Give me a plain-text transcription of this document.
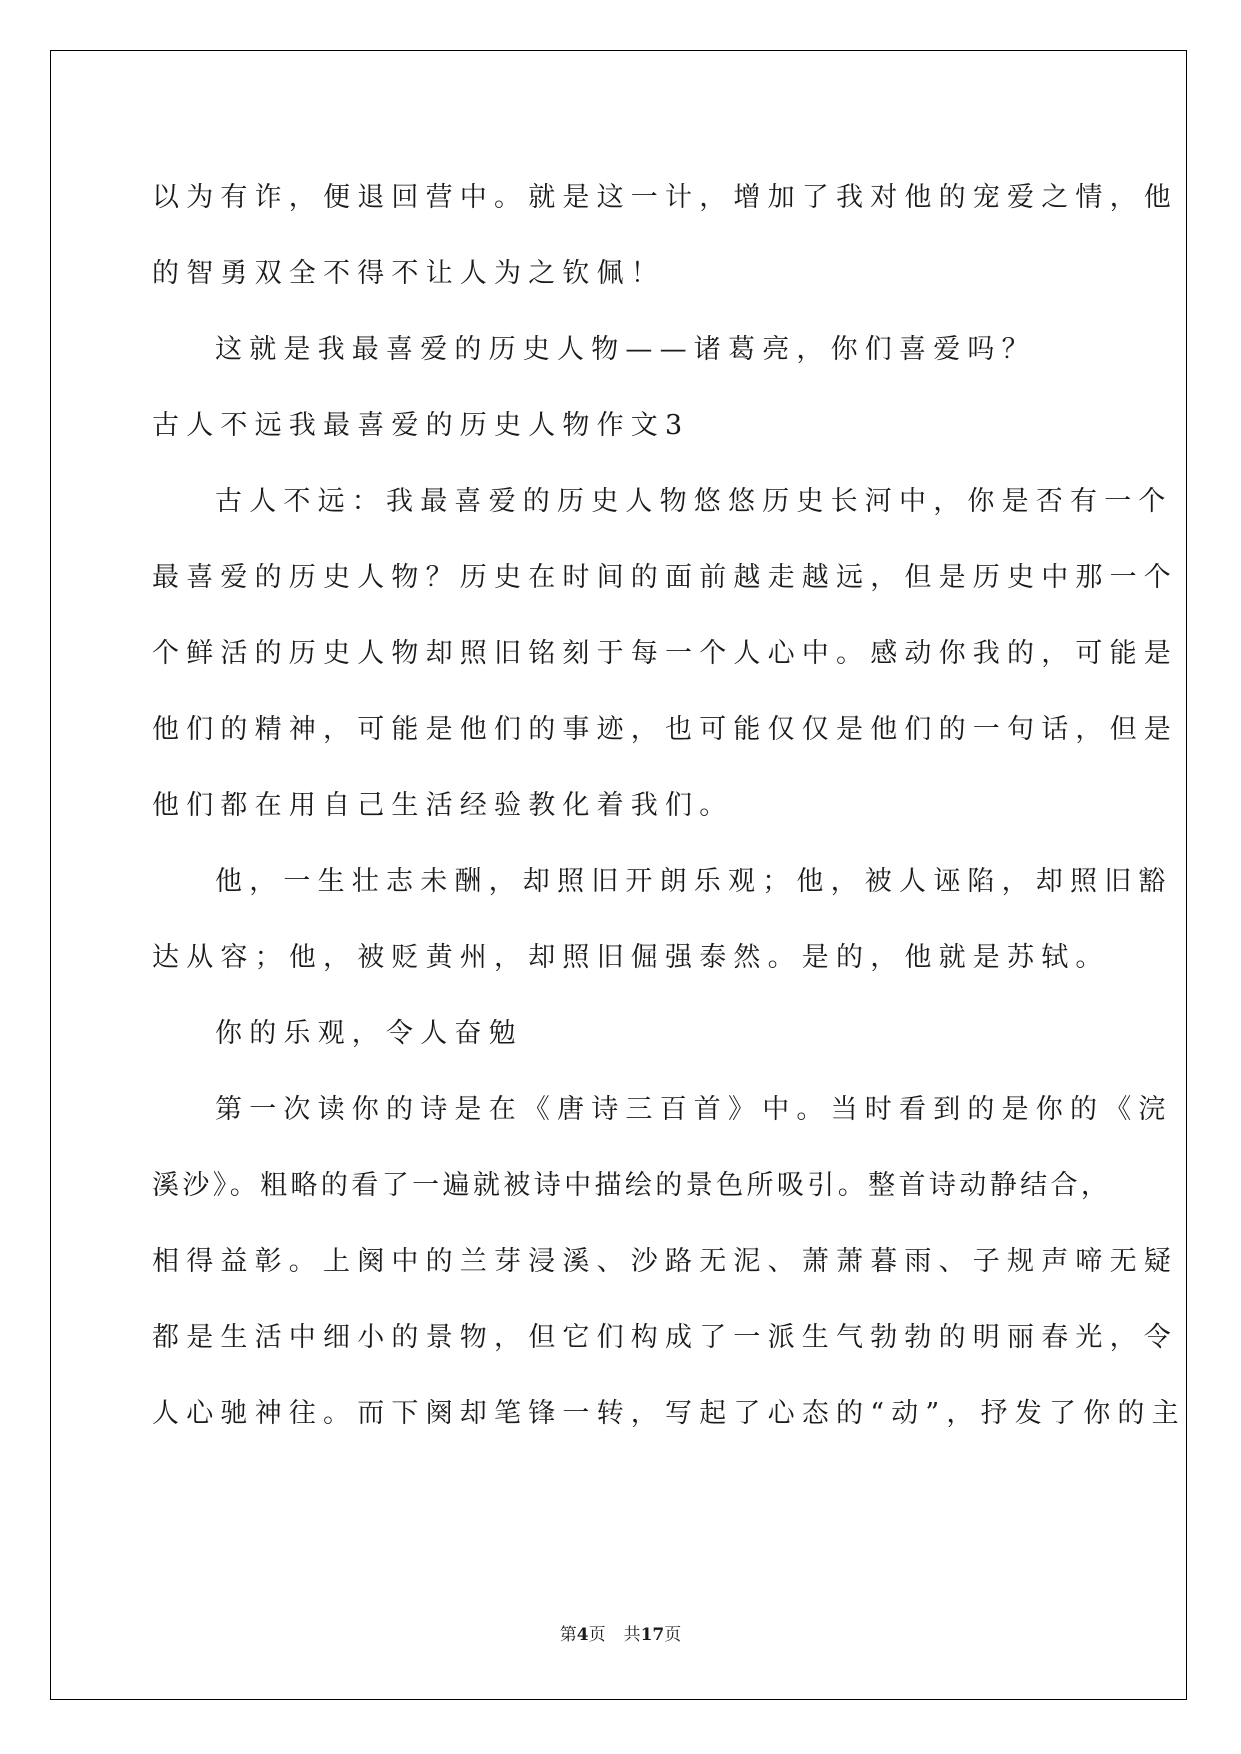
以为有诈，便退回营中。就是这一计，增加了我对他的宠爱之情，他

的智勇双全不得不让人为之钦佩！

这就是我最喜爱的历史人物——诸葛亮，你们喜爱吗？

古人不远我最喜爱的历史人物作文3

古人不远：我最喜爱的历史人物悠悠历史长河中，你是否有一个

最喜爱的历史人物？历史在时间的面前越走越远，但是历史中那一个

个鲜活的历史人物却照旧铭刻于每一个人心中。感动你我的，可能是

他们的精神，可能是他们的事迹，也可能仅仅是他们的一句话，但是

他们都在用自己生活经验教化着我们。

他，一生壮志未酬，却照旧开朗乐观；他，被人诬陷，却照旧豁

达从容；他，被贬黄州，却照旧倔强泰然。是的，他就是苏轼。

你的乐观，令人奋勉

第一次读你的诗是在《唐诗三百首》中。当时看到的是你的《浣

溪沙》。粗略的看了一遍就被诗中描绘的景色所吸引。整首诗动静结合，

相得益彰。上阕中的兰芽浸溪、沙路无泥、萧萧暮雨、子规声啼无疑

都是生活中细小的景物，但它们构成了一派生气勃勃的明丽春光，令

人心驰神往。而下阕却笔锋一转，写起了心态的“动”，抒发了你的主

第4页 共17页
